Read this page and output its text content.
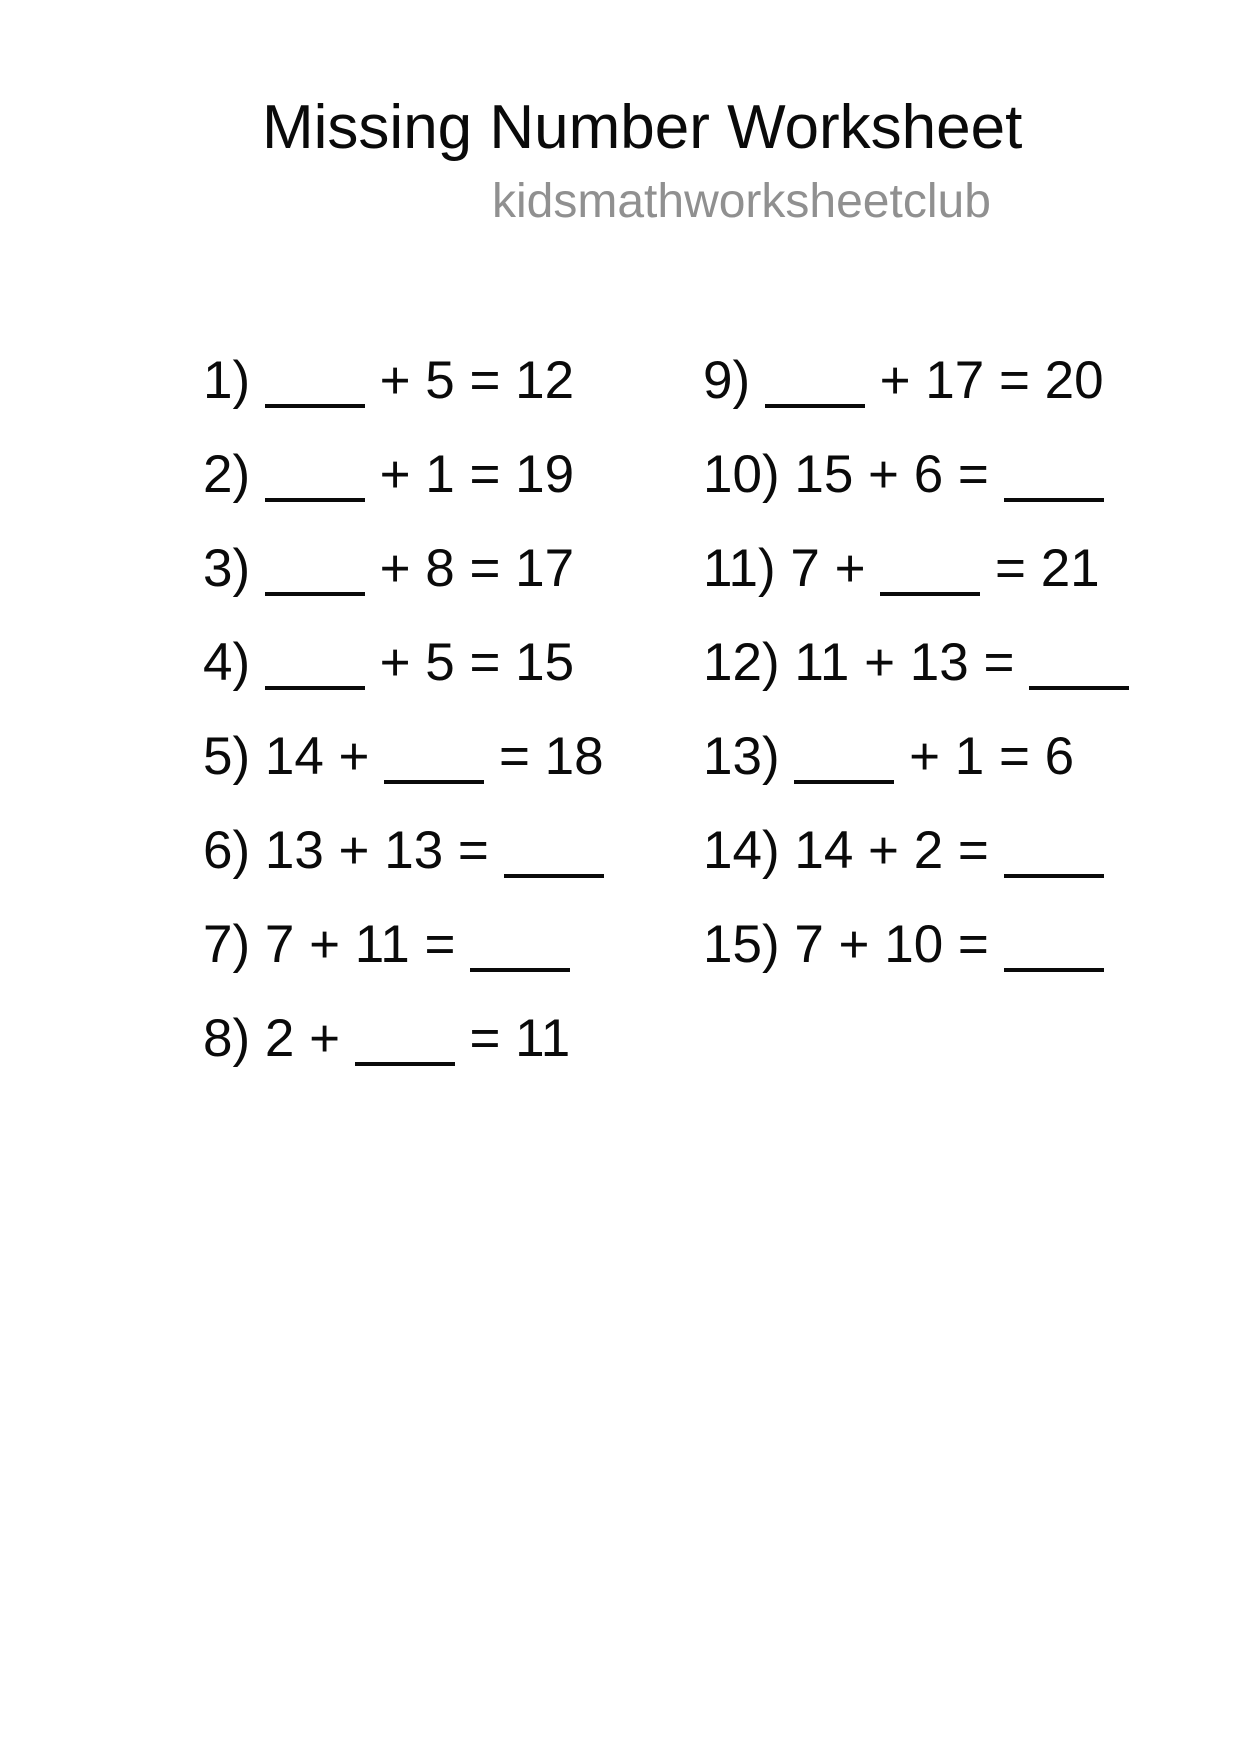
Missing Number Worksheet
kidsmathworksheetclub
1)  + 5 = 12
2)  + 1 = 19
3)  + 8 = 17
4)  + 5 = 15
5) 14 +  = 18
6) 13 + 13 =
7) 7 + 11 =
8) 2 +  = 11
9)  + 17 = 20
10) 15 + 6 =
11) 7 +  = 21
12) 11 + 13 =
13)  + 1 = 6
14) 14 + 2 =
15) 7 + 10 =
